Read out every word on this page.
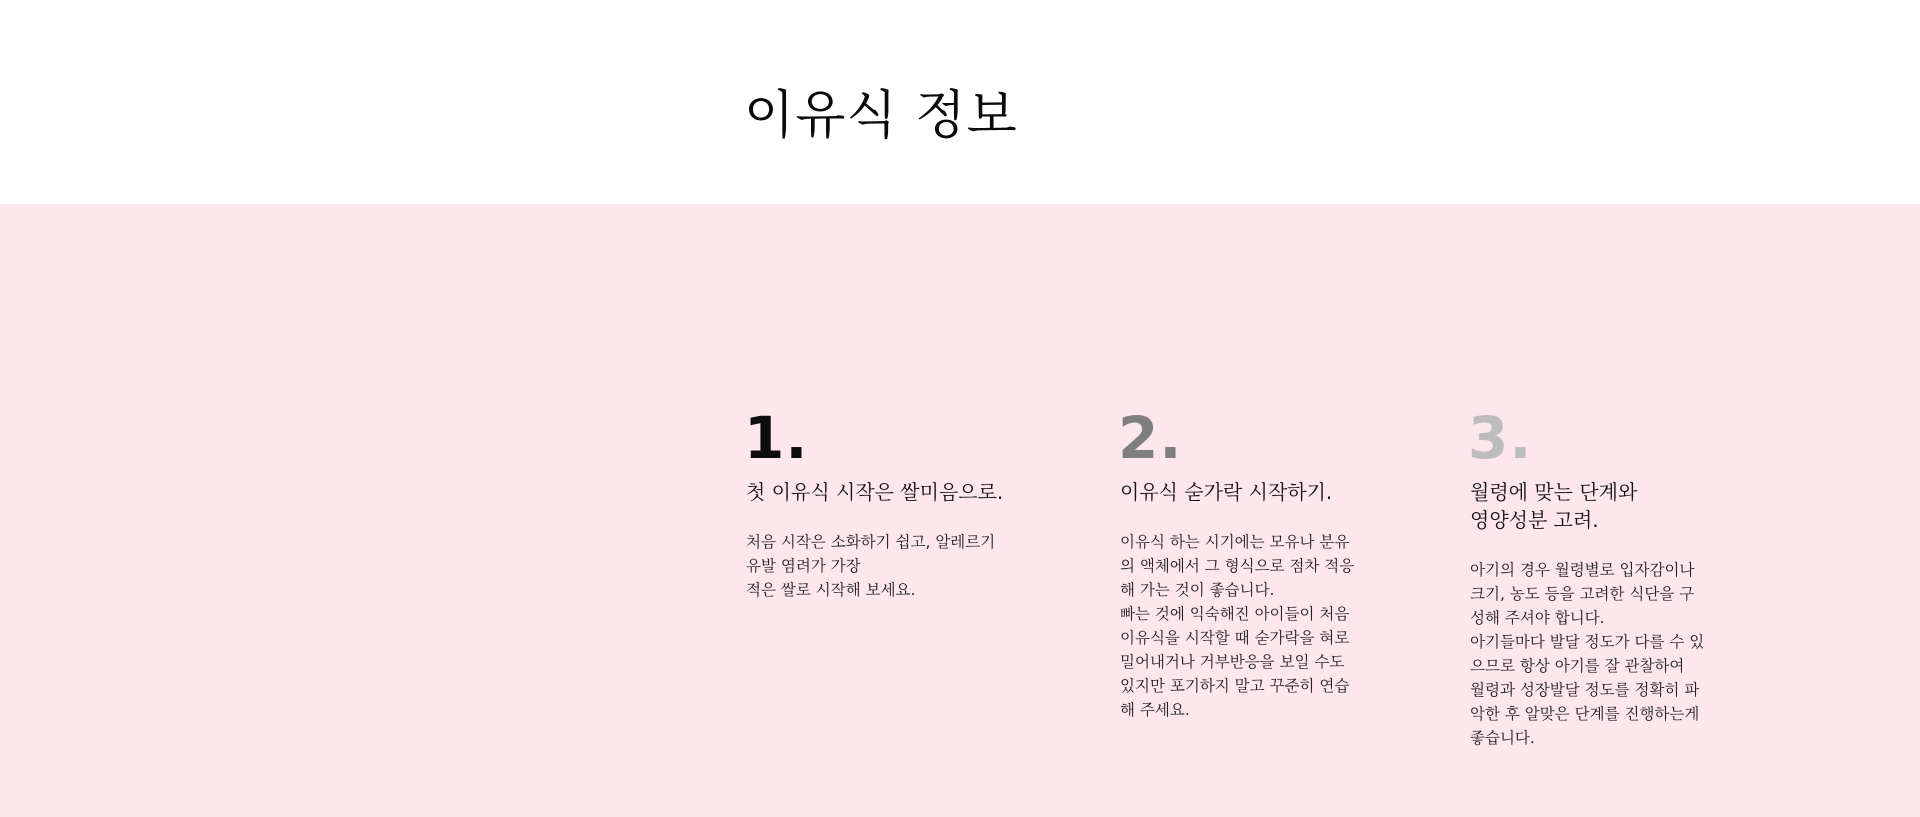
이유식 정보
1.
첫 이유식 시작은 쌀미음으로.

처음 시작은 소화하기 쉽고, 알레르기

유발 염려가 가장

적은 쌀로 시작해 보세요.

2.
이유식 숟가락 시작하기.

이유식 하는 시기에는 모유나 분유

의 액체에서 그 형식으로 점차 적응

해 가는 것이 좋습니다.

빠는 것에 익숙해진 아이들이 처음

이유식을 시작할 때 숟가락을 혀로

밀어내거나 거부반응을 보일 수도

있지만 포기하지 말고 꾸준히 연습

해 주세요.

3.
월령에 맞는 단계와
영양성분 고려.

아기의 경우 월령별로 입자감이나

크기, 농도 등을 고려한 식단을 구

성해 주셔야 합니다.

아기들마다 발달 정도가 다를 수 있

으므로 항상 아기를 잘 관찰하여

월령과 성장발달 정도를 정확히 파

악한 후 알맞은 단계를 진행하는게

좋습니다.
